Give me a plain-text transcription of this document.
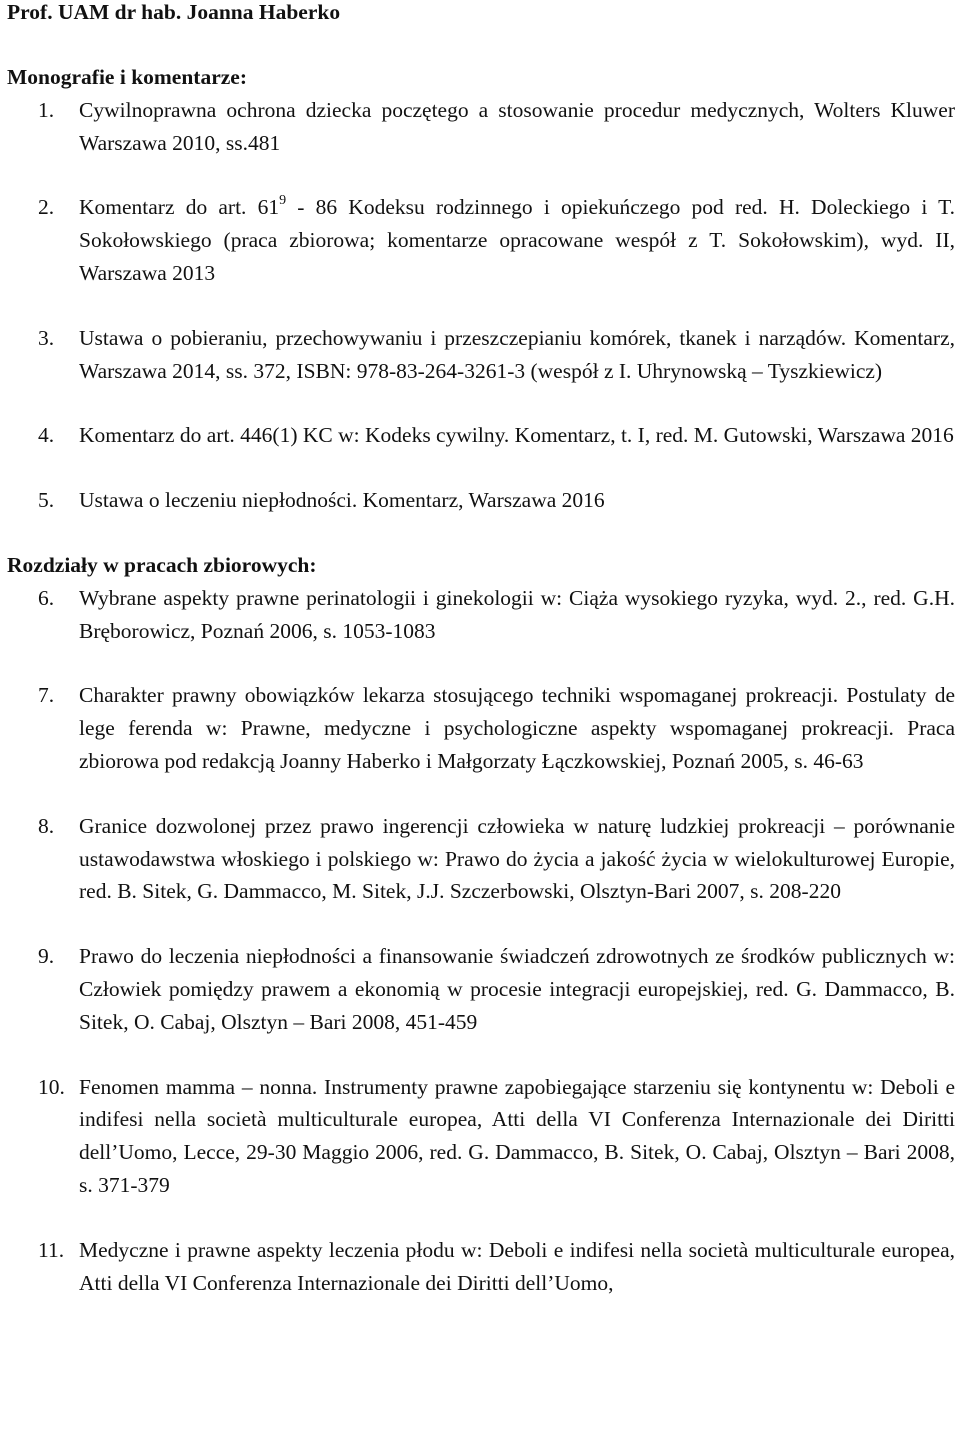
Prof. UAM dr hab. Joanna Haberko

Monografie i komentarze:

1.	Cywilnoprawna ochrona dziecka poczętego a stosowanie procedur medycznych, Wolters Kluwer Warszawa 2010, ss.481
2.	Komentarz do art. $61^9 - 86$ Kodeksu rodzinnego i opiekuńczego pod red. H. Doleckiego i T. Sokołowskiego (praca zbiorowa; komentarze opracowane wespół z T. Sokołowskim), wyd. II, Warszawa 2013
3.	Ustawa o pobieraniu, przechowywaniu i przeszczepianiu komórek, tkanek i narządów. Komentarz, Warszawa 2014, ss. 372, ISBN: 978-83-264-3261-3 (wespół z I. Uhrynowską – Tyszkiewicz)
4.	Komentarz do art. 446(1) KC w: Kodeks cywilny. Komentarz, t. I, red. M. Gutowski, Warszawa 2016
5.	Ustawa o leczeniu niepłodności. Komentarz, Warszawa 2016

Rozdziały w pracach zbiorowych:

6.	Wybrane aspekty prawne perinatologii i ginekologii w: Ciąża wysokiego ryzyka, wyd. 2., red. G.H. Bręborowicz, Poznań 2006, s. 1053-1083
7.	Charakter prawny obowiązków lekarza stosującego techniki wspomaganej prokreacji. Postulaty de lege ferenda w: Prawne, medyczne i psychologiczne aspekty wspomaganej prokreacji. Praca zbiorowa pod redakcją Joanny Haberko i Małgorzaty Łączkowskiej, Poznań 2005, s. 46-63
8.	Granice dozwolonej przez prawo ingerencji człowieka w naturę ludzkiej prokreacji – porównanie ustawodawstwa włoskiego i polskiego w: Prawo do życia a jakość życia w wielokulturowej Europie, red. B. Sitek, G. Dammacco, M. Sitek, J.J. Szczerbowski, Olsztyn-Bari 2007, s. 208-220
9.	Prawo do leczenia niepłodności a finansowanie świadczeń zdrowotnych ze środków publicznych w: Człowiek pomiędzy prawem a ekonomią w procesie integracji europejskiej, red. G. Dammacco, B. Sitek, O. Cabaj, Olsztyn – Bari 2008, 451-459
10. Fenomen mamma – nonna. Instrumenty prawne zapobiegające starzeniu się kontynentu w: Deboli e indifesi nella società multiculturale europea, Atti della VI Conferenza Internazionale dei Diritti dell’Uomo, Lecce, 29-30 Maggio 2006, red. G. Dammacco, B. Sitek, O. Cabaj, Olsztyn – Bari 2008, s. 371-379
11. Medyczne i prawne aspekty leczenia płodu w: Deboli e indifesi nella società multiculturale europea, Atti della VI Conferenza Internazionale dei Diritti dell’Uomo,
